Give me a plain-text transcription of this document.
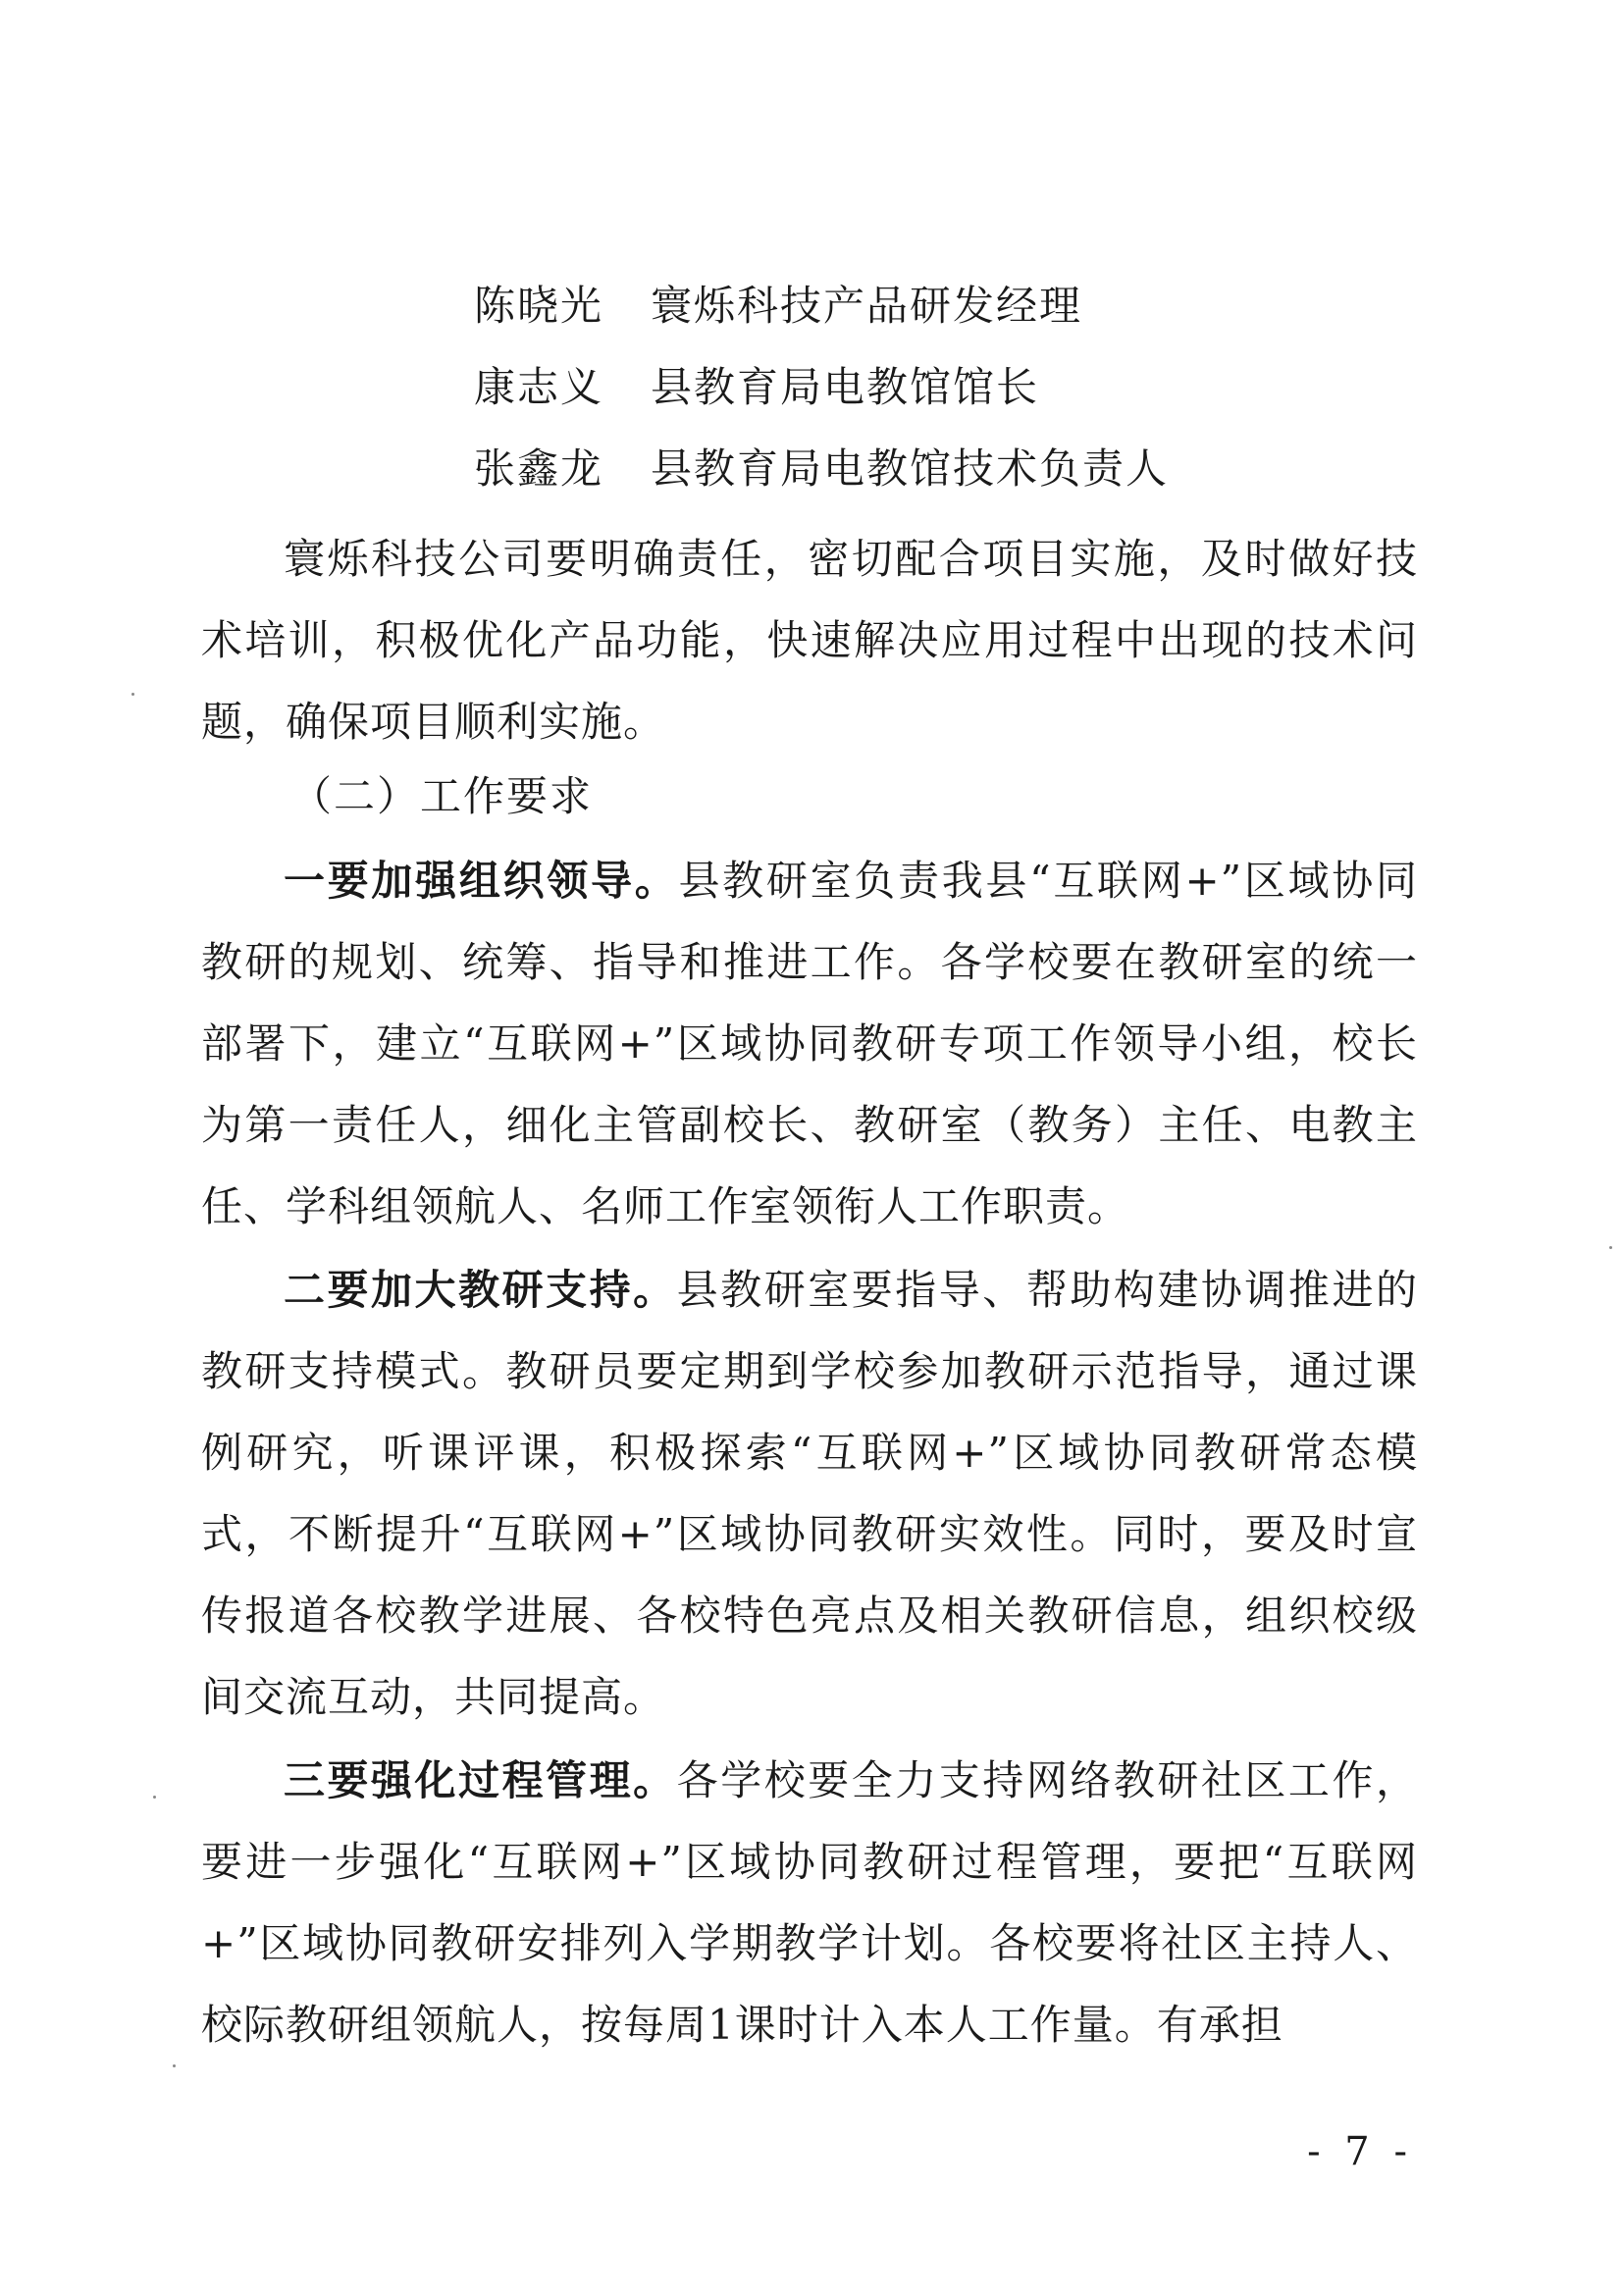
陈晓光 寰烁科技产品研发经理
康志义 县教育局电教馆馆长
张鑫龙 县教育局电教馆技术负责人

寰烁科技公司要明确责任，密切配合项目实施，及时做好技术培训，积极优化产品功能，快速解决应用过程中出现的技术问题，确保项目顺利实施。

（二）工作要求

一要加强组织领导。县教研室负责我县“互联网+”区域协同教研的规划、统筹、指导和推进工作。各学校要在教研室的统一部署下，建立“互联网+”区域协同教研专项工作领导小组，校长为第一责任人，细化主管副校长、教研室（教务）主任、电教主任、学科组领航人、名师工作室领衔人工作职责。

二要加大教研支持。县教研室要指导、帮助构建协调推进的教研支持模式。教研员要定期到学校参加教研示范指导，通过课例研究，听课评课，积极探索“互联网+”区域协同教研常态模式，不断提升“互联网+”区域协同教研实效性。同时，要及时宣传报道各校教学进展、各校特色亮点及相关教研信息，组织校级间交流互动，共同提高。

三要强化过程管理。各学校要全力支持网络教研社区工作，要进一步强化“互联网+”区域协同教研过程管理，要把“互联网+”区域协同教研安排列入学期教学计划。各校要将社区主持人、校际教研组领航人，按每周1课时计入本人工作量。有承担

- 7 -
